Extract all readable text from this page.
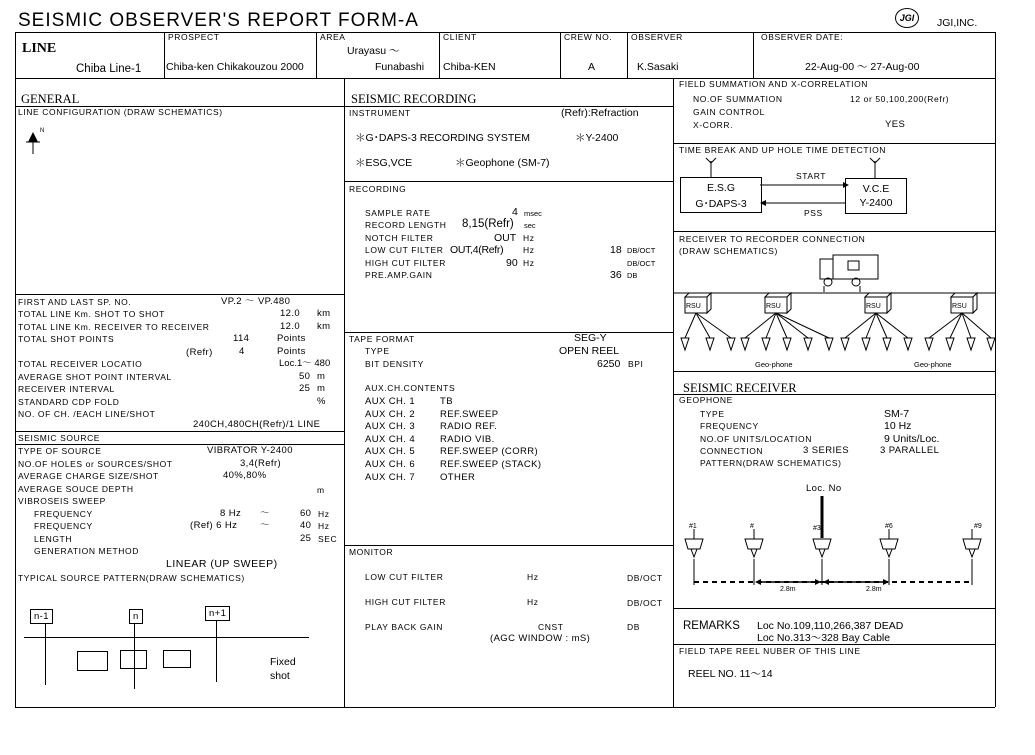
SEISMIC OBSERVER'S REPORT FORM-A	JGI	JGI,INC.
LINE
Chiba Line-1
PROSPECT
Chiba-ken Chikakouzou 2000
AREA
Urayasu ～
Funabashi
CLIENT
Chiba-KEN
CREW NO.
A
OBSERVER
K.Sasaki
OBSERVER DATE:
22-Aug-00 ～ 27-Aug-00
GENERAL
LINE CONFIGURATION (DRAW SCHEMATICS)
N
FIRST AND LAST SP. NO.	VP.2 ～ VP.480
TOTAL LINE Km. SHOT TO SHOT	12.0 km
TOTAL LINE Km. RECEIVER TO RECEIVER	12.0 km
TOTAL SHOT POINTS	114	Points
(Refr)	4	Points
TOTAL RECEIVER LOCATIO	Loc.1～ 480
AVERAGE SHOT POINT INTERVAL	50 m
RECEIVER INTERVAL	25 m
STANDARD CDP FOLD	%
NO. OF CH. /EACH LINE/SHOT
240CH,480CH(Refr)/1 LINE
SEISMIC SOURCE
TYPE OF SOURCE	VIBRATOR Y-2400
NO.OF HOLES or SOURCES/SHOT	3,4(Refr)
AVERAGE CHARGE SIZE/SHOT	40%,80%
AVERAGE SOUCE DEPTH	m
VIBROSEIS SWEEP
FREQUENCY	8 Hz ～	60 Hz
FREQUENCY	(Ref) 6 Hz ～	40 Hz
LENGTH	25 SEC
GENERATION METHOD
LINEAR (UP SWEEP)
TYPICAL SOURCE PATTERN(DRAW SCHEMATICS)
n-1	n	n+1
Fixed
shot
SEISMIC RECORDING
INSTRUMENT	(Refr):Refraction
＊G･DAPS-3 RECORDING SYSTEM	＊Y-2400
＊ESG,VCE	＊Geophone (SM-7)
RECORDING
SAMPLE RATE	4 msec
RECORD LENGTH 8,15(Refr) sec
NOTCH FILTER	OUT Hz
LOW CUT FILTER OUT,4(Refr) Hz	18 DB/OCT
HIGH CUT FILTER	90 Hz	DB/OCT
PRE.AMP.GAIN	36 DB
TAPE FORMAT	SEG-Y
TYPE	OPEN REEL
BIT DENSITY	6250 BPI
AUX.CH.CONTENTS
AUX CH. 1	TB
AUX CH. 2	REF.SWEEP
AUX CH. 3	RADIO REF.
AUX CH. 4	RADIO VIB.
AUX CH. 5	REF.SWEEP (CORR)
AUX CH. 6	REF.SWEEP (STACK)
AUX CH. 7	OTHER
MONITOR
LOW CUT FILTER	Hz	DB/OCT
HIGH CUT FILTER	Hz	DB/OCT
PLAY BACK GAIN	CNST	DB
(AGC WINDOW : mS)
FIELD SUMMATION AND X-CORRELATION
NO.OF SUMMATION	12 or 50,100,200(Refr)
GAIN CONTROL
X-CORR.	YES
TIME BREAK AND UP HOLE TIME DETECTION
E.S.G
G･DAPS-3
V.C.E
Y-2400
START
PSS
RECEIVER TO RECORDER CONNECTION
(DRAW SCHEMATICS)
RSU	RSU	RSU	RSU
Geo-phone	Geo-phone
SEISMIC RECEIVER
GEOPHONE
TYPE	SM-7
FREQUENCY	10 Hz
NO.OF UNITS/LOCATION	9 Units/Loc.
CONNECTION	3 SERIES	3 PARALLEL
PATTERN(DRAW SCHEMATICS)
Loc. No
#1	#	#3	#6	#9
2.8m	2.8m
REMARKS Loc No.109,110,266,387 DEAD
Loc No.313～328 Bay Cable
FIELD TAPE REEL NUBER OF THIS LINE
REEL NO. 11～14
